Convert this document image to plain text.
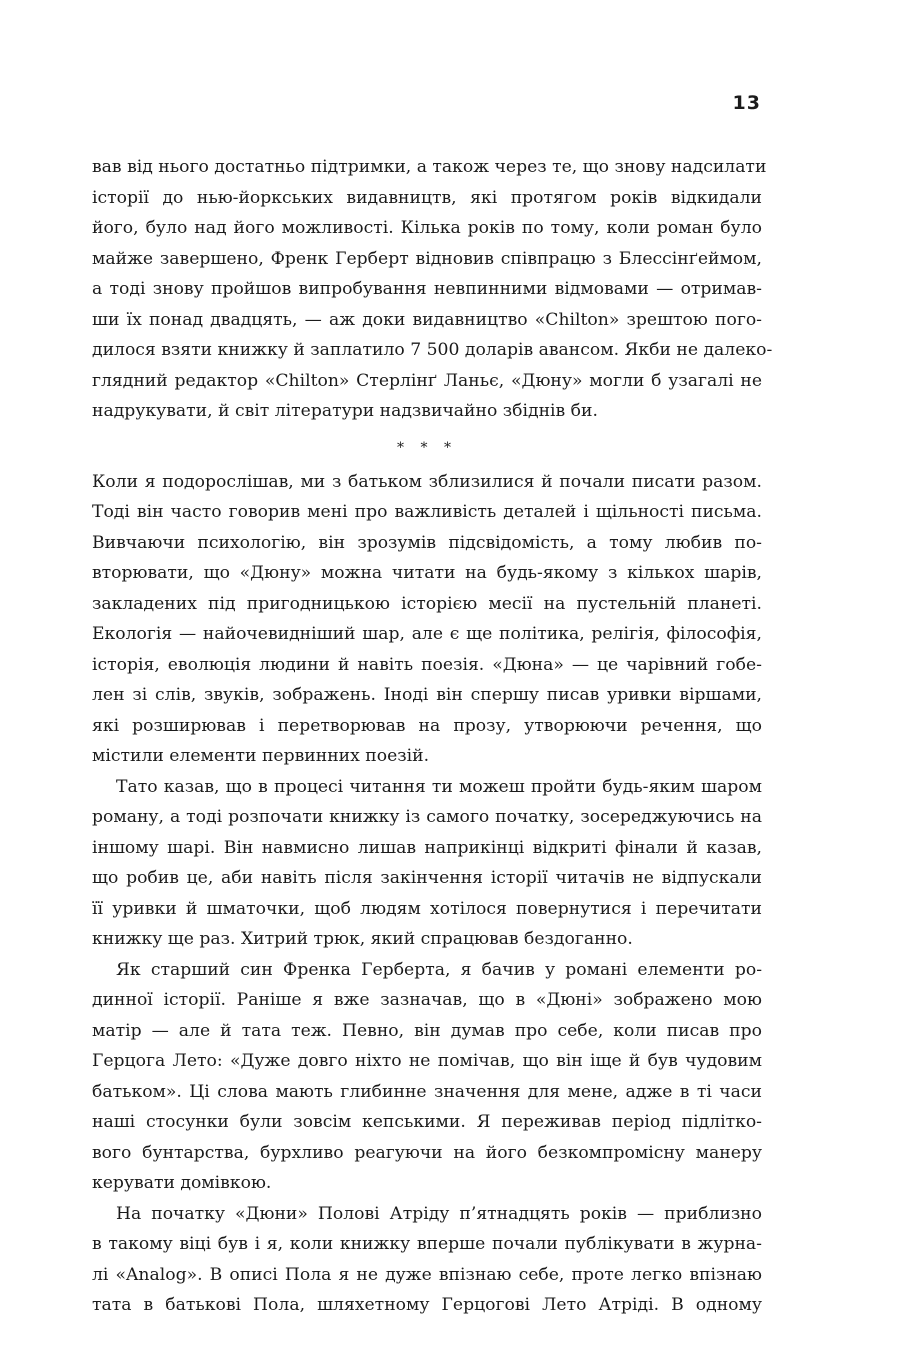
13
вав від нього достатньо підтримки, а також через те, що знову надсилати
історії до нью-йоркських видавництв, які протягом років відкидали
його, було над його можливості. Кілька років по тому, коли роман було
майже завершено, Френк Герберт відновив співпрацю з Блессінґеймом,
а тоді знову пройшов випробування невпинними відмовами — отримав-
ши їх понад двадцять, — аж доки видавництво «Chilton» зрештою пого-
дилося взяти книжку й заплатило 7 500 доларів авансом. Якби не далеко-
глядний редактор «Chilton» Стерлінґ Ланьє, «Дюну» могли б узагалі не
надрукувати, й світ літератури надзвичайно збіднів би.
* * *
Коли я подорослішав, ми з батьком зблизилися й почали писати разом.
Тоді він часто говорив мені про важливість деталей і щільності письма.
Вивчаючи психологію, він зрозумів підсвідомість, а тому любив по-
вторювати, що «Дюну» можна читати на будь-якому з кількох шарів,
закладених під пригодницькою історією месії на пустельній планеті.
Екологія — найочевидніший шар, але є ще політика, релігія, філософія,
історія, еволюція людини й навіть поезія. «Дюна» — це чарівний гобе-
лен зі слів, звуків, зображень. Іноді він спершу писав уривки віршами,
які розширював і перетворював на прозу, утворюючи речення, що
містили елементи первинних поезій.
Тато казав, що в процесі читання ти можеш пройти будь-яким шаром
роману, а тоді розпочати книжку із самого початку, зосереджуючись на
іншому шарі. Він навмисно лишав наприкінці відкриті фінали й казав,
що робив це, аби навіть після закінчення історії читачів не відпускали
її уривки й шматочки, щоб людям хотілося повернутися і перечитати
книжку ще раз. Хитрий трюк, який спрацював бездоганно.
Як старший син Френка Герберта, я бачив у романі елементи ро-
динної історії. Раніше я вже зазначав, що в «Дюні» зображено мою
матір — але й тата теж. Певно, він думав про себе, коли писав про
Герцога Лето: «Дуже довго ніхто не помічав, що він іще й був чудовим
батьком». Ці слова мають глибинне значення для мене, адже в ті часи
наші стосунки були зовсім кепськими. Я переживав період підлітко-
вого бунтарства, бурхливо реагуючи на його безкомпромісну манеру
керувати домівкою.
На початку «Дюни» Полові Атріду п’ятнадцять років — приблизно
в такому віці був і я, коли книжку вперше почали публікувати в журна-
лі «Analog». В описі Пола я не дуже впізнаю себе, проте легко впізнаю
тата в батькові Пола, шляхетному Герцогові Лето Атріді. В одному
